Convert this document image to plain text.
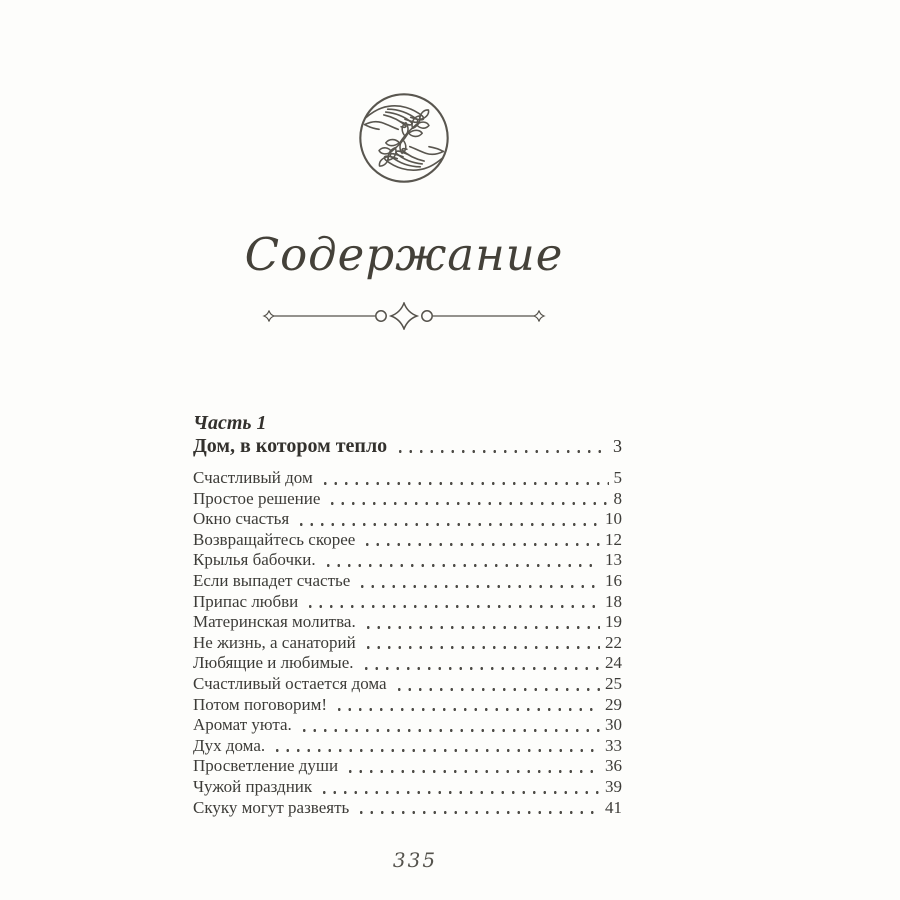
Содержание
Часть 1
Дом, в котором тепло	3
Счастливый дом	5
Простое решение	8
Окно счастья	10
Возвращайтесь скорее	12
Крылья бабочки.	13
Если выпадет счастье	16
Припас любви	18
Материнская молитва.	19
Не жизнь, а санаторий	22
Любящие и любимые.	24
Счастливый остается дома	25
Потом поговорим!	29
Аромат уюта.	30
Дух дома.	33
Просветление души	36
Чужой праздник	39
Скуку могут развеять	41
335
